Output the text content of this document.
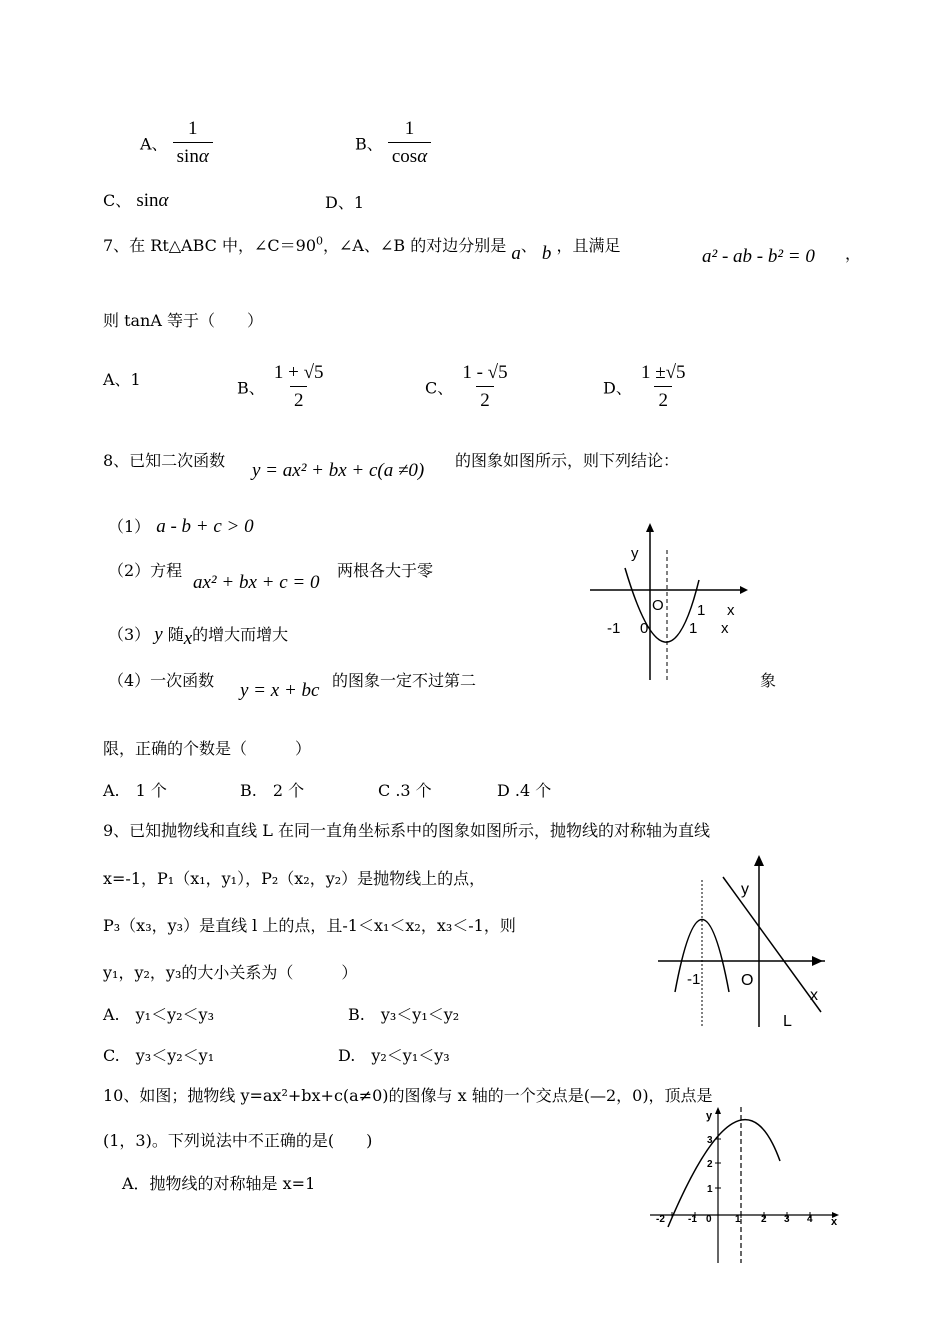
A、 $\frac{1}{\sin\alpha}$	B、 $\frac{1}{\cos\alpha}$
C、 sinα	D、1
7、在 Rt△ABC 中，$\angle C=90^0$，∠A、∠B 的对边分别是 a、 b ，且满足
a² - ab - b² = 0 ，
则 tanA 等于（　　）
A、1	B、 $\frac{1 + √5}{2}$	C、 $\frac{1 - √5}{2}$	D、 $\frac{1 \pm√5}{2}$
8、已知二次函数 y = ax² + bx + c(a ≠0) 的图象如图所示，则下列结论：
（1） a - b + c > 0
（2）方程
ax² + bx + c = 0
两根各大于零
（3） y 随x的增大而增大
（4）一次函数 y = x + bc 的图象一定不过第二	象
限，正确的个数是（　　　）
A.　1 个	B.　2 个	C .3 个	D .4 个
y
O 1 x
-1 0	1 x
9、已知抛物线和直线 L 在同一直角坐标系中的图象如图所示，抛物线的对称轴为直线
x=-1，P₁（x₁，y₁），P₂（x₂，y₂）是抛物线上的点，
P₃（x₃，y₃）是直线 l 上的点，且-1＜x₁＜x₂，x₃＜-1，则
y₁，y₂，y₃的大小关系为（　　　）
A.　y₁＜y₂＜y₃	B.　y₃＜y₁＜y₂
C.　y₃＜y₂＜y₁	D.　y₂＜y₁＜y₃
y
-1	O
x
L
10、如图；抛物线 y=ax²+bx+c(a≠0)的图像与 x 轴的一个交点是(—2，0)，顶点是
(1，3)。下列说法中不正确的是(　　)
A．抛物线的对称轴是 x=1
y
x
3
2
1
-2 -1 0 1 2 3 4
